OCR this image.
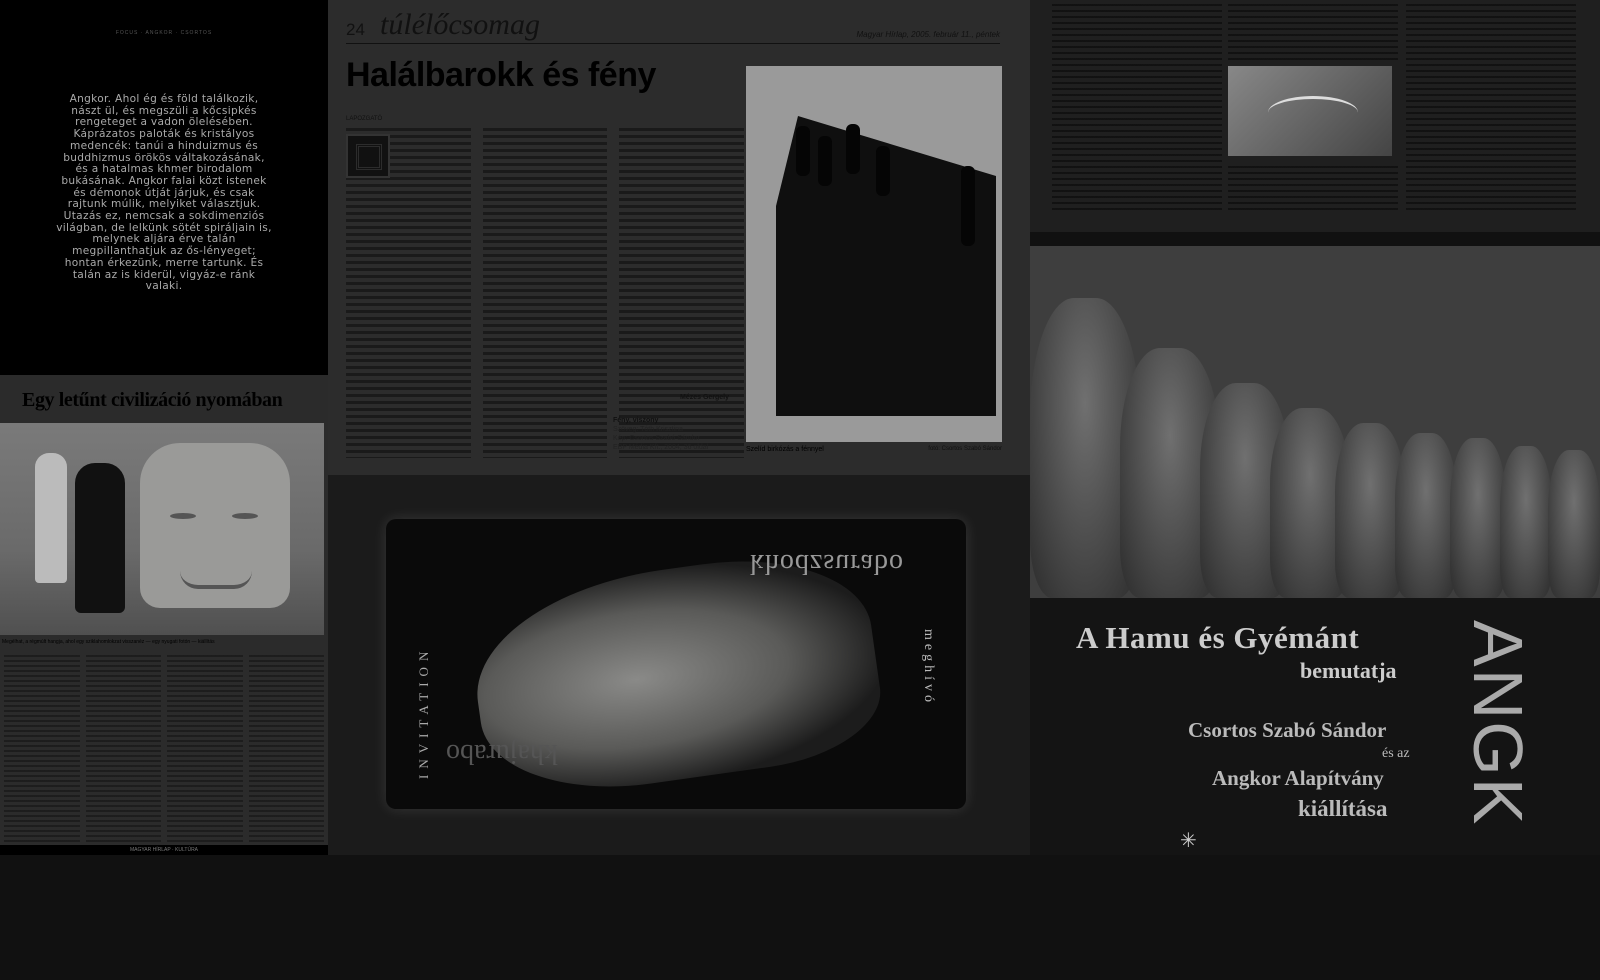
FOCUS · ANGKOR · CSORTOS
Angkor. Ahol ég és föld találkozik, nászt ül, és megszüli a kőcsipkés rengeteget a vadon ölelésében. Káprázatos paloták és kristályos medencék: tanúi a hinduizmus és buddhizmus örökös váltakozásának, és a hatalmas khmer birodalom bukásának. Angkor falai közt istenek és démonok útját járjuk, és csak rajtunk múlik, melyiket választjuk. Utazás ez, nemcsak a sokdimenziós világban, de lelkünk sötét spiráljain is, melynek aljára érve talán megpillanthatjuk az ős-lényeget; hontan érkezünk, merre tartunk. És talán az is kiderül, vigyáz-e ránk valaki.
Egy letűnt civilizáció nyomában
Megélhat, a régmúlt hangja, ahol egy sziklahomlokzat visszanéz — egy nyugati fotón — kiállítás
MAGYAR HÍRLAP · KULTÚRA
24 túlélőcsomag	Magyar Hírlap, 2005. február 11., péntek
Halálbarokk és fény
LAPOZGATÓ
Mézes Gergely
Fény, viszony
Szöveg: Tóth Krisztina
Kép: Csortos Szabó Sándor
EBP Média Kft., 2004, 36 oldal	Szelíd birkózás a fénnyel	fotó: Csortos Szabó Sándor
INVITATION	meghívó
khodzsurabo
khajurabo
A Hamu és Gyémánt
bemutatja
Csortos Szabó Sándor
és az
Angkor Alapítvány
kiállítása ANGK
✳
